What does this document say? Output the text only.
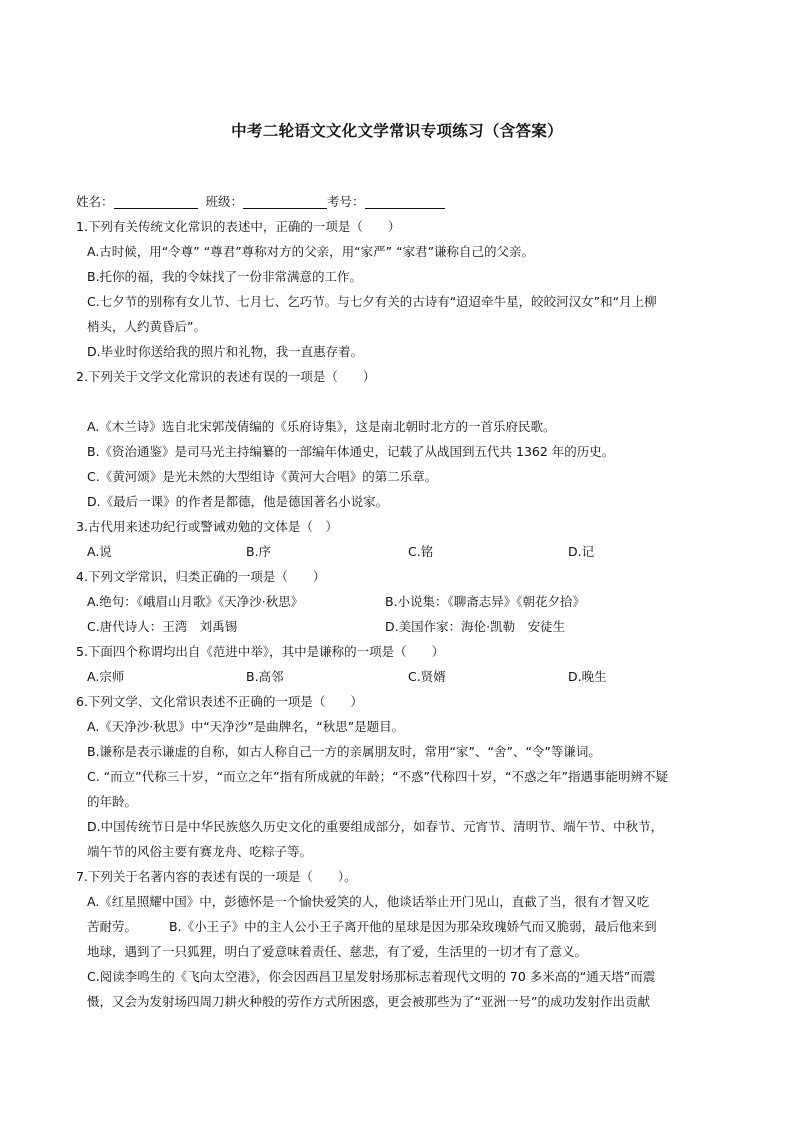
中考二轮语文文化文学常识专项练习（含答案）
姓名：	班级：	考号：
1.下列有关传统文化常识的表述中，正确的一项是（　　）
A.古时候，用“令尊” “尊君”尊称对方的父亲，用“家严” “家君”谦称自己的父亲。
B.托你的福，我的令妹找了一份非常满意的工作。
C.七夕节的别称有女儿节、七月七、乞巧节。与七夕有关的古诗有“迢迢牵牛星，皎皎河汉女”和“月上柳
梢头，人约黄昏后”。
D.毕业时你送给我的照片和礼物，我一直惠存着。
2.下列关于文学文化常识的表述有误的一项是（　　）
A.《木兰诗》选自北宋郭茂倩编的《乐府诗集》，这是南北朝时北方的一首乐府民歌。
B.《资治通鉴》是司马光主持编纂的一部编年体通史，记载了从战国到五代共 1362 年的历史。
C.《黄河颂》是光未然的大型组诗《黄河大合唱》的第二乐章。
D.《最后一课》的作者是都德，他是德国著名小说家。
3.古代用来述功纪行或警诫劝勉的文体是（　）
A.说	B.序	C.铭	D.记
4.下列文学常识，归类正确的一项是（　　）
A.绝句：《峨眉山月歌》《天净沙·秋思》	B.小说集：《聊斋志异》《朝花夕拾》
C.唐代诗人：王湾　刘禹锡	D.美国作家：海伦·凯勒　安徒生
5.下面四个称谓均出自《范进中举》，其中是谦称的一项是（　　）
A.宗师	B.高邻	C.贤婿	D.晚生
6.下列文学、文化常识表述不正确的一项是（　　）
A.《天净沙·秋思》中“天净沙”是曲牌名，“秋思”是题目。
B.谦称是表示谦虚的自称，如古人称自己一方的亲属朋友时，常用“家”、“舍”、“令”等谦词。
C. “而立”代称三十岁，“而立之年”指有所成就的年龄；“不惑”代称四十岁，“不惑之年”指遇事能明辨不疑
的年龄。
D.中国传统节日是中华民族悠久历史文化的重要组成部分，如春节、元宵节、清明节、端午节、中秋节，
端午节的风俗主要有赛龙舟、吃粽子等。
7.下列关于名著内容的表述有误的一项是（　　）。
A.《红星照耀中国》中，彭德怀是一个愉快爱笑的人，他谈话举止开门见山，直截了当，很有才智又吃
苦耐劳。	B.《小王子》中的主人公小王子离开他的星球是因为那朵玫瑰娇气而又脆弱，最后他来到
地球，遇到了一只狐狸，明白了爱意味着责任、慈悲，有了爱，生活里的一切才有了意义。
C.阅读李鸣生的《飞向太空港》，你会因西昌卫星发射场那标志着现代文明的 70 多米高的“通天塔”而震
慑，又会为发射场四周刀耕火种般的劳作方式所困惑，更会被那些为了“亚洲一号”的成功发射作出贡献
